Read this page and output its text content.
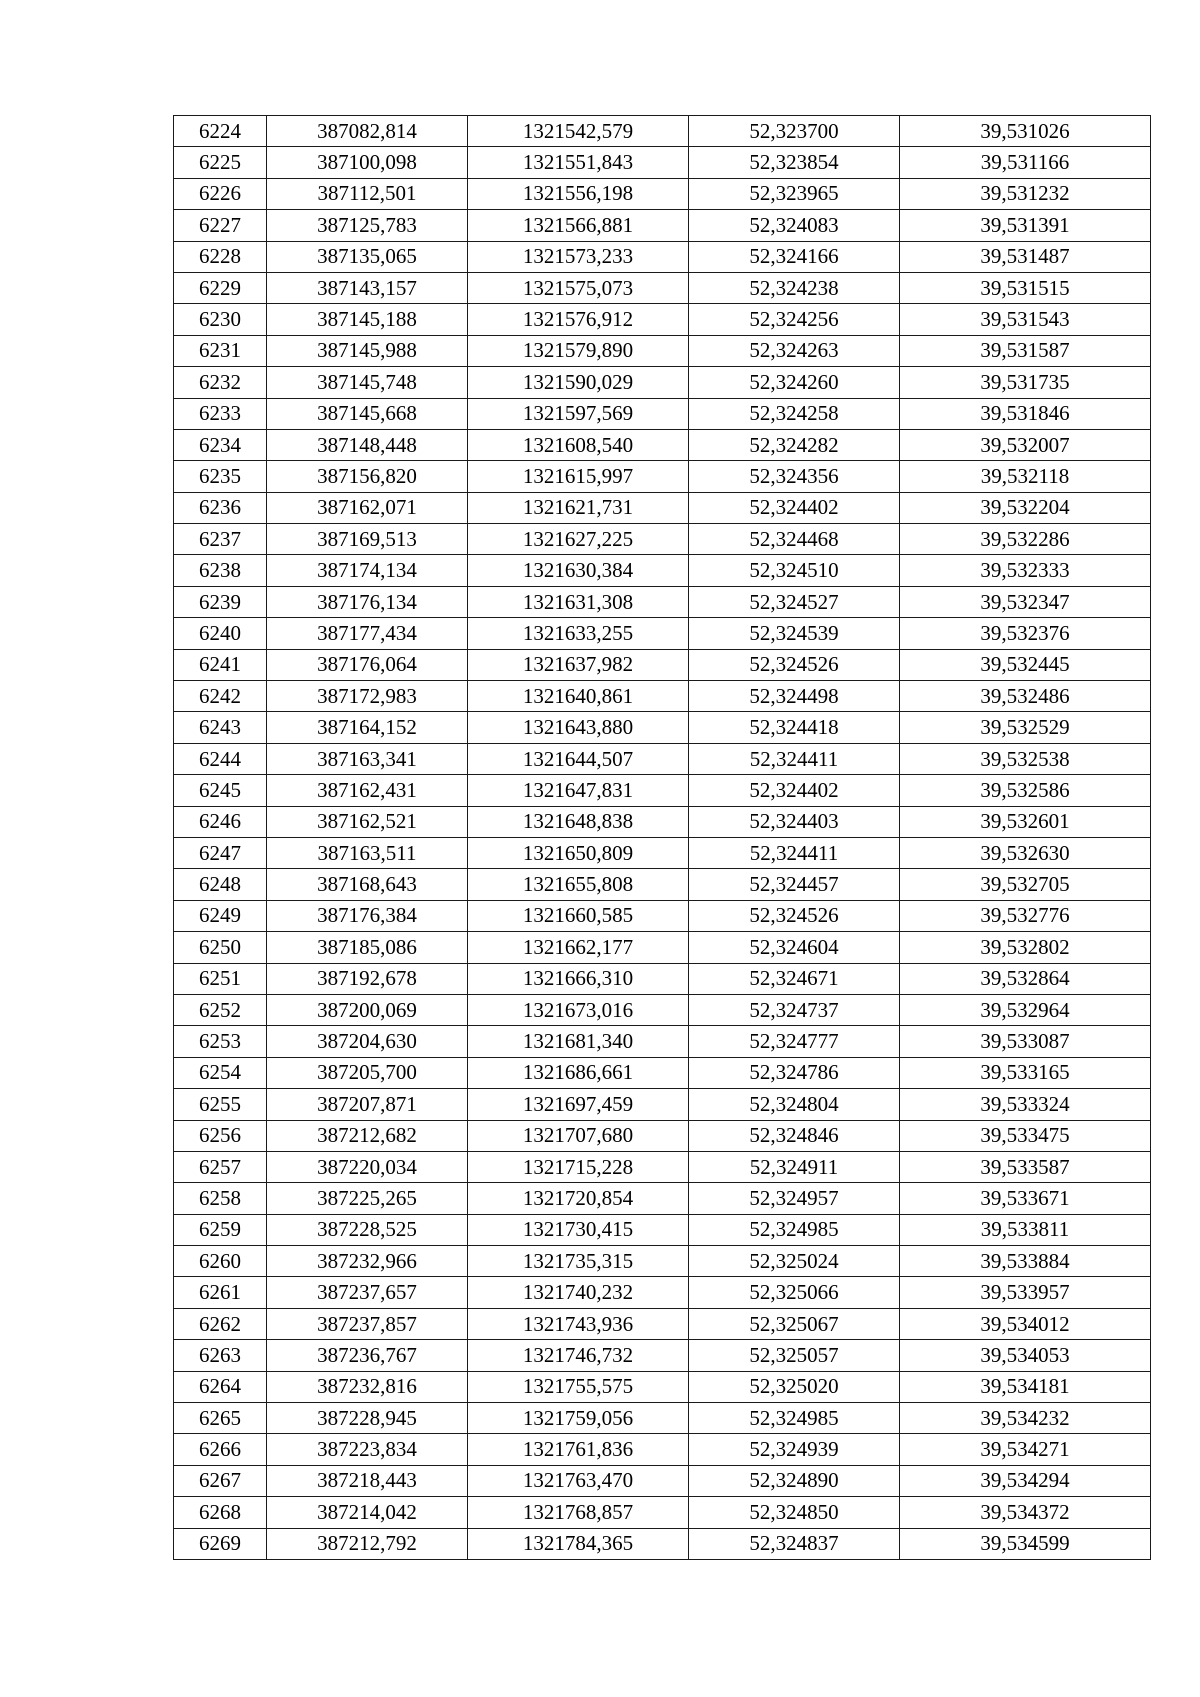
6224	387082,814	1321542,579	52,323700	39,531026
6225	387100,098	1321551,843	52,323854	39,531166
6226	387112,501	1321556,198	52,323965	39,531232
6227	387125,783	1321566,881	52,324083	39,531391
6228	387135,065	1321573,233	52,324166	39,531487
6229	387143,157	1321575,073	52,324238	39,531515
6230	387145,188	1321576,912	52,324256	39,531543
6231	387145,988	1321579,890	52,324263	39,531587
6232	387145,748	1321590,029	52,324260	39,531735
6233	387145,668	1321597,569	52,324258	39,531846
6234	387148,448	1321608,540	52,324282	39,532007
6235	387156,820	1321615,997	52,324356	39,532118
6236	387162,071	1321621,731	52,324402	39,532204
6237	387169,513	1321627,225	52,324468	39,532286
6238	387174,134	1321630,384	52,324510	39,532333
6239	387176,134	1321631,308	52,324527	39,532347
6240	387177,434	1321633,255	52,324539	39,532376
6241	387176,064	1321637,982	52,324526	39,532445
6242	387172,983	1321640,861	52,324498	39,532486
6243	387164,152	1321643,880	52,324418	39,532529
6244	387163,341	1321644,507	52,324411	39,532538
6245	387162,431	1321647,831	52,324402	39,532586
6246	387162,521	1321648,838	52,324403	39,532601
6247	387163,511	1321650,809	52,324411	39,532630
6248	387168,643	1321655,808	52,324457	39,532705
6249	387176,384	1321660,585	52,324526	39,532776
6250	387185,086	1321662,177	52,324604	39,532802
6251	387192,678	1321666,310	52,324671	39,532864
6252	387200,069	1321673,016	52,324737	39,532964
6253	387204,630	1321681,340	52,324777	39,533087
6254	387205,700	1321686,661	52,324786	39,533165
6255	387207,871	1321697,459	52,324804	39,533324
6256	387212,682	1321707,680	52,324846	39,533475
6257	387220,034	1321715,228	52,324911	39,533587
6258	387225,265	1321720,854	52,324957	39,533671
6259	387228,525	1321730,415	52,324985	39,533811
6260	387232,966	1321735,315	52,325024	39,533884
6261	387237,657	1321740,232	52,325066	39,533957
6262	387237,857	1321743,936	52,325067	39,534012
6263	387236,767	1321746,732	52,325057	39,534053
6264	387232,816	1321755,575	52,325020	39,534181
6265	387228,945	1321759,056	52,324985	39,534232
6266	387223,834	1321761,836	52,324939	39,534271
6267	387218,443	1321763,470	52,324890	39,534294
6268	387214,042	1321768,857	52,324850	39,534372
6269	387212,792	1321784,365	52,324837	39,534599
